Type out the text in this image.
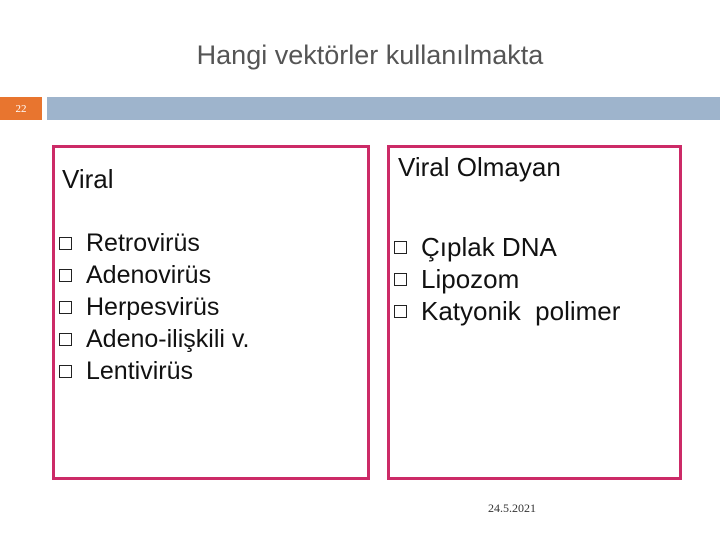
Hangi vektörler kullanılmakta
22
Viral
Retrovirüs
Adenovirüs
Herpesvirüs
Adeno-ilişkili v.
Lentivirüs
Viral Olmayan
Çıplak DNA
Lipozom
Katyonik  polimer
24.5.2021
